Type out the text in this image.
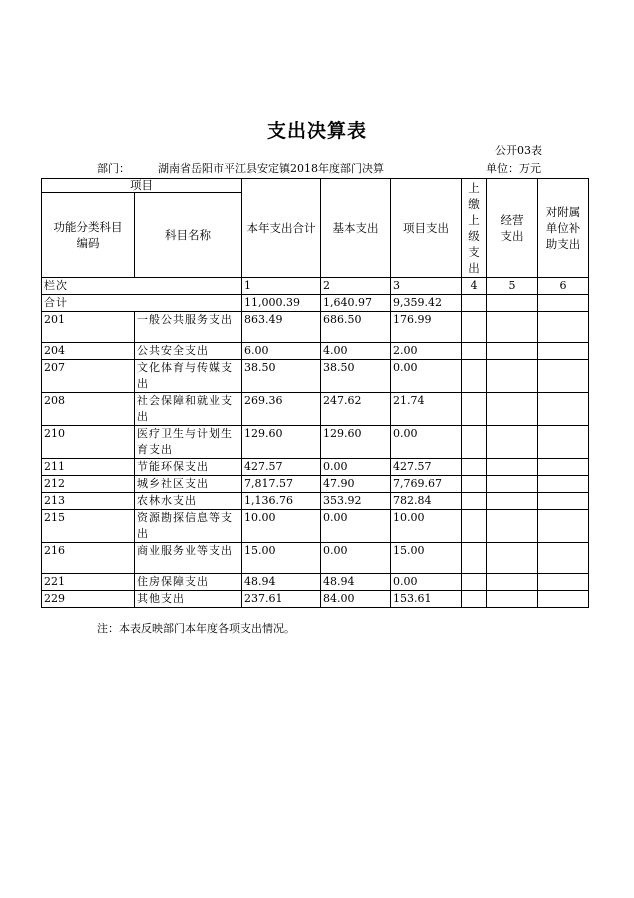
支出决算表
公开03表
部门：	湖南省岳阳市平江县安定镇2018年度部门决算	单位：万元
项目		本年支出合计	基本支出	项目支出	上缴上级支出	经营支出	对附属单位补助支出

功能分类科目编码	科目名称						
栏次		1	2	3	4	5	6
合计		11,000.39	1,640.97	9,359.42			
201	一般公共服务支出	863.49	686.50	176.99			
204	公共安全支出	6.00	4.00	2.00			
207	文化体育与传媒支出	38.50	38.50	0.00			
208	社会保障和就业支出	269.36	247.62	21.74			
210	医疗卫生与计划生育支出	129.60	129.60	0.00			
211	节能环保支出	427.57	0.00	427.57			
212	城乡社区支出	7,817.57	47.90	7,769.67			
213	农林水支出	1,136.76	353.92	782.84			
215	资源勘探信息等支出	10.00	0.00	10.00			
216	商业服务业等支出	15.00	0.00	15.00			
221	住房保障支出	48.94	48.94	0.00			
229	其他支出	237.61	84.00	153.61			
注：本表反映部门本年度各项支出情况。
